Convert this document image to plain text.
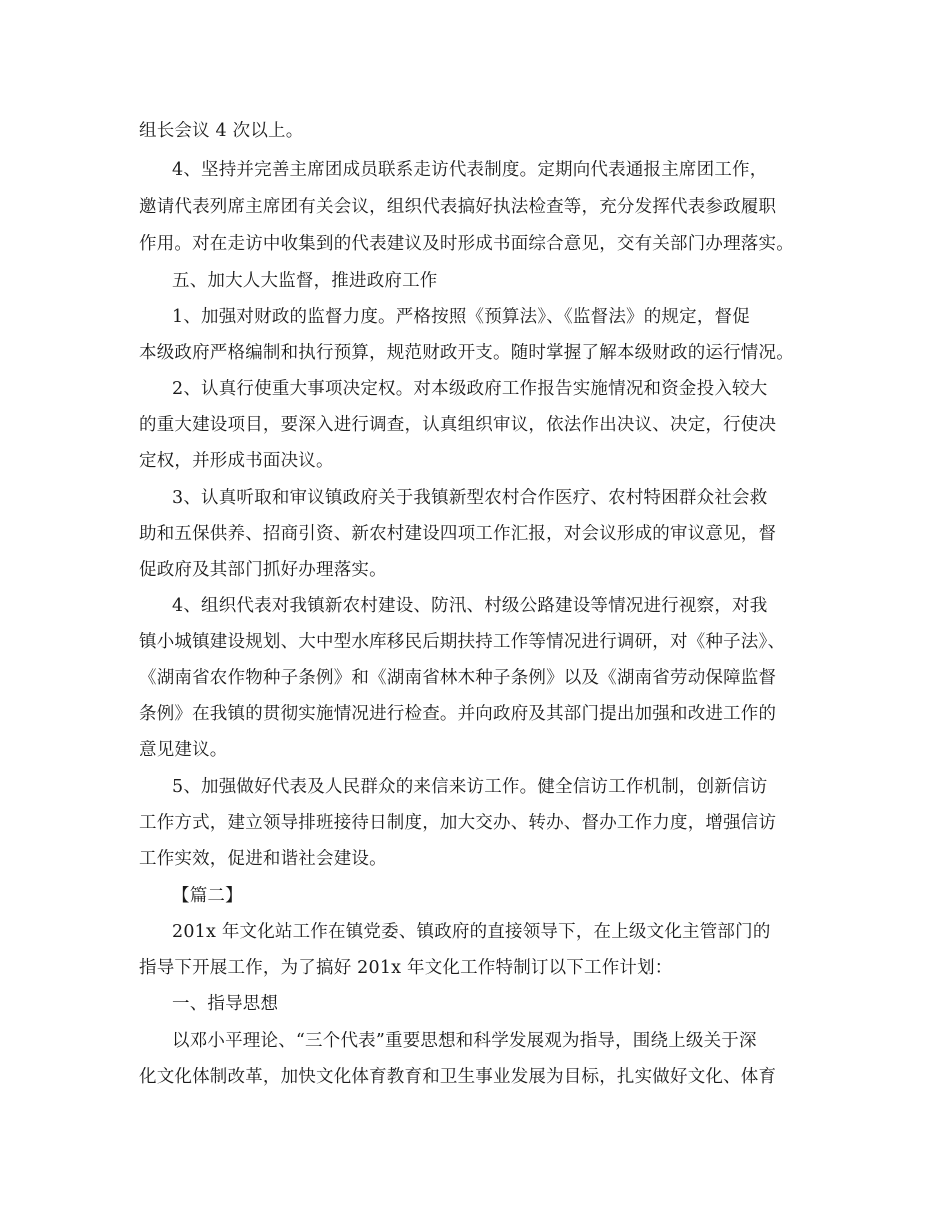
组长会议 4 次以上。
4、坚持并完善主席团成员联系走访代表制度。定期向代表通报主席团工作，
邀请代表列席主席团有关会议，组织代表搞好执法检查等，充分发挥代表参政履职
作用。对在走访中收集到的代表建议及时形成书面综合意见，交有关部门办理落实。
五、加大人大监督，推进政府工作
1、加强对财政的监督力度。严格按照《预算法》、《监督法》的规定，督促
本级政府严格编制和执行预算，规范财政开支。随时掌握了解本级财政的运行情况。
2、认真行使重大事项决定权。对本级政府工作报告实施情况和资金投入较大
的重大建设项目，要深入进行调查，认真组织审议，依法作出决议、决定，行使决
定权，并形成书面决议。
3、认真听取和审议镇政府关于我镇新型农村合作医疗、农村特困群众社会救
助和五保供养、招商引资、新农村建设四项工作汇报，对会议形成的审议意见，督
促政府及其部门抓好办理落实。
4、组织代表对我镇新农村建设、防汛、村级公路建设等情况进行视察，对我
镇小城镇建设规划、大中型水库移民后期扶持工作等情况进行调研，对《种子法》、
《湖南省农作物种子条例》和《湖南省林木种子条例》以及《湖南省劳动保障监督
条例》在我镇的贯彻实施情况进行检查。并向政府及其部门提出加强和改进工作的
意见建议。
5、加强做好代表及人民群众的来信来访工作。健全信访工作机制，创新信访
工作方式，建立领导排班接待日制度，加大交办、转办、督办工作力度，增强信访
工作实效，促进和谐社会建设。
【篇二】
201x 年文化站工作在镇党委、镇政府的直接领导下，在上级文化主管部门的
指导下开展工作，为了搞好 201x 年文化工作特制订以下工作计划：
一、指导思想
以邓小平理论、“三个代表”重要思想和科学发展观为指导，围绕上级关于深
化文化体制改革，加快文化体育教育和卫生事业发展为目标，扎实做好文化、体育
